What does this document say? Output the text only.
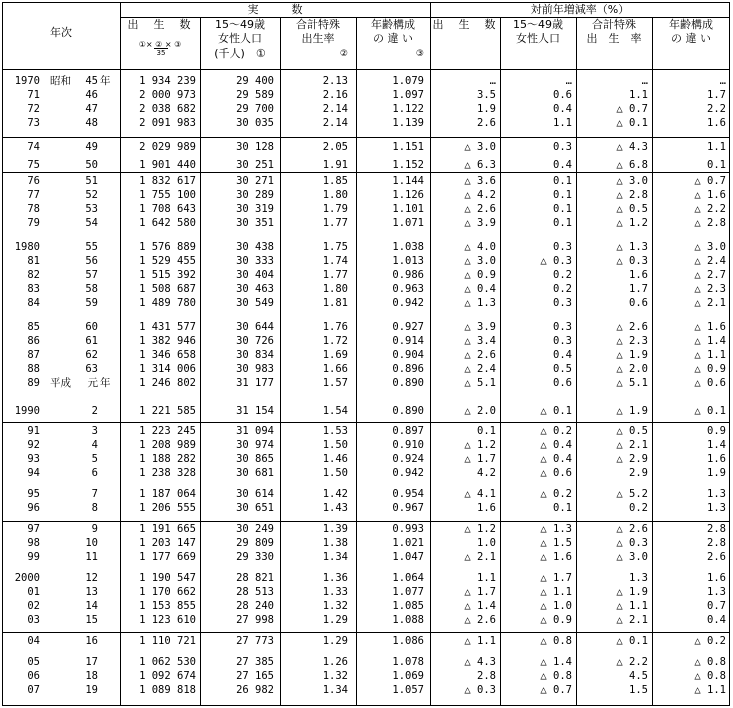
年次
実　　　数	対前年増減率（%）
出　生　数
①× ② × ③
35
15～49歳
女性人口
(千人)　①
合計特殊
出生率
②
年齢構成
の 違 い
③
出　生　数	15～49歳
女性人口
合計特殊
出　生　率
年齢構成
の 違 い
1970 昭和	45 年	1 934 239	29 400	2.13	1.079	…	…	…	…
71	46	2 000 973	29 589	2.16	1.097	3.5	0.6	1.1	1.7
72	47	2 038 682	29 700	2.14	1.122	1.9	0.4	△ 0.7	2.2
73	48	2 091 983	30 035	2.14	1.139	2.6	1.1	△ 0.1	1.6
74	49	2 029 989	30 128	2.05	1.151	△ 3.0	0.3	△ 4.3	1.1
75	50	1 901 440	30 251	1.91	1.152	△ 6.3	0.4	△ 6.8	0.1
76	51	1 832 617	30 271	1.85	1.144	△ 3.6	0.1	△ 3.0	△ 0.7
77	52	1 755 100	30 289	1.80	1.126	△ 4.2	0.1	△ 2.8	△ 1.6
78	53	1 708 643	30 319	1.79	1.101	△ 2.6	0.1	△ 0.5	△ 2.2
79	54	1 642 580	30 351	1.77	1.071	△ 3.9	0.1	△ 1.2	△ 2.8
1980	55	1 576 889	30 438	1.75	1.038	△ 4.0	0.3	△ 1.3	△ 3.0
81	56	1 529 455	30 333	1.74	1.013	△ 3.0	△ 0.3	△ 0.3	△ 2.4
82	57	1 515 392	30 404	1.77	0.986	△ 0.9	0.2	1.6	△ 2.7
83	58	1 508 687	30 463	1.80	0.963	△ 0.4	0.2	1.7	△ 2.3
84	59	1 489 780	30 549	1.81	0.942	△ 1.3	0.3	0.6	△ 2.1
85	60	1 431 577	30 644	1.76	0.927	△ 3.9	0.3	△ 2.6	△ 1.6
86	61	1 382 946	30 726	1.72	0.914	△ 3.4	0.3	△ 2.3	△ 1.4
87	62	1 346 658	30 834	1.69	0.904	△ 2.6	0.4	△ 1.9	△ 1.1
88	63	1 314 006	30 983	1.66	0.896	△ 2.4	0.5	△ 2.0	△ 0.9
89 平成	元 年	1 246 802	31 177	1.57	0.890	△ 5.1	0.6	△ 5.1	△ 0.6
1990	2	1 221 585	31 154	1.54	0.890	△ 2.0	△ 0.1	△ 1.9	△ 0.1
91	3	1 223 245	31 094	1.53	0.897	0.1	△ 0.2	△ 0.5	0.9
92	4	1 208 989	30 974	1.50	0.910	△ 1.2	△ 0.4	△ 2.1	1.4
93	5	1 188 282	30 865	1.46	0.924	△ 1.7	△ 0.4	△ 2.9	1.6
94	6	1 238 328	30 681	1.50	0.942	4.2	△ 0.6	2.9	1.9
95	7	1 187 064	30 614	1.42	0.954	△ 4.1	△ 0.2	△ 5.2	1.3
96	8	1 206 555	30 651	1.43	0.967	1.6	0.1	0.2	1.3
97	9	1 191 665	30 249	1.39	0.993	△ 1.2	△ 1.3	△ 2.6	2.8
98	10	1 203 147	29 809	1.38	1.021	1.0	△ 1.5	△ 0.3	2.8
99	11	1 177 669	29 330	1.34	1.047	△ 2.1	△ 1.6	△ 3.0	2.6
2000	12	1 190 547	28 821	1.36	1.064	1.1	△ 1.7	1.3	1.6
01	13	1 170 662	28 513	1.33	1.077	△ 1.7	△ 1.1	△ 1.9	1.3
02	14	1 153 855	28 240	1.32	1.085	△ 1.4	△ 1.0	△ 1.1	0.7
03	15	1 123 610	27 998	1.29	1.088	△ 2.6	△ 0.9	△ 2.1	0.4
04	16	1 110 721	27 773	1.29	1.086	△ 1.1	△ 0.8	△ 0.1	△ 0.2
05	17	1 062 530	27 385	1.26	1.078	△ 4.3	△ 1.4	△ 2.2	△ 0.8
06	18	1 092 674	27 165	1.32	1.069	2.8	△ 0.8	4.5	△ 0.8
07	19	1 089 818	26 982	1.34	1.057	△ 0.3	△ 0.7	1.5	△ 1.1
